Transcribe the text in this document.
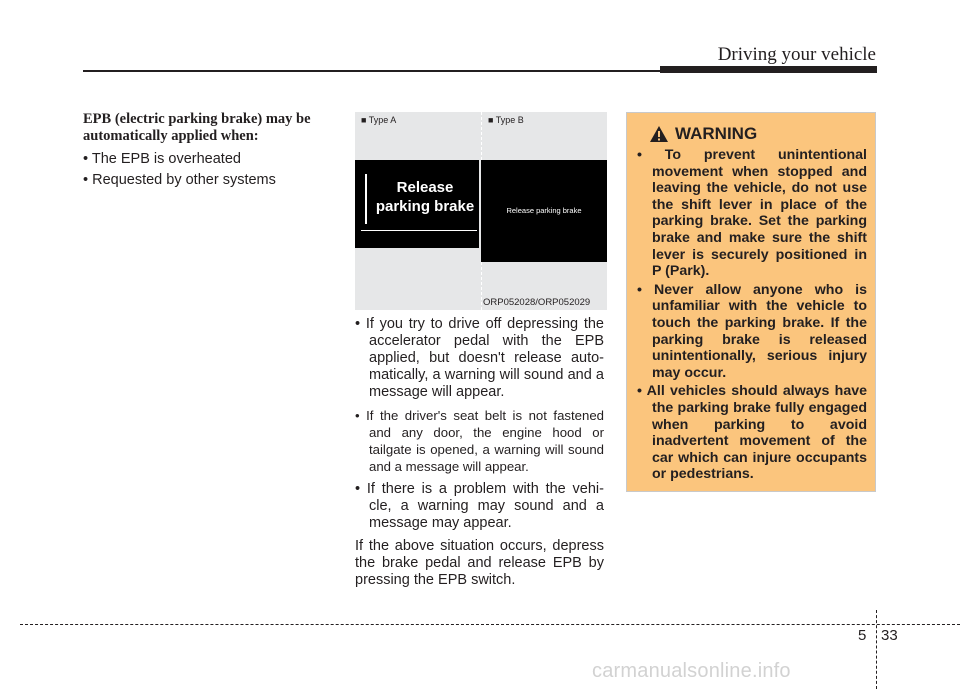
Driving your vehicle

EPB (electric parking brake) may be automatically applied when:

• The EPB is overheated
• Requested by other systems
■ Type A	■ Type B
Release
parking brake	Release parking brake
ORP052028/ORP052029
• If you try to drive off depressing the accelerator pedal with the EPB applied, but doesn't release auto-matically, a warning will sound and a message will appear.
• If the driver's seat belt is not fastened and any door, the engine hood or tailgate is opened, a warning will sound and a message will appear.
• If there is a problem with the vehi-cle, a warning may sound and a message may appear.

If the above situation occurs, depress the brake pedal and release EPB by pressing the EPB switch.

WARNING
• To prevent unintentional movement when stopped and leaving the vehicle, do not use the shift lever in place of the parking brake. Set the parking brake and make sure the shift lever is securely positioned in P (Park).
• Never allow anyone who is unfamiliar with the vehicle to touch the parking brake. If the parking brake is released unintentionally, serious injury may occur.
• All vehicles should always have the parking brake fully engaged when parking to avoid inadvertent movement of the car which can injure occupants or pedestrians.
5 33
carmanualsonline.info
